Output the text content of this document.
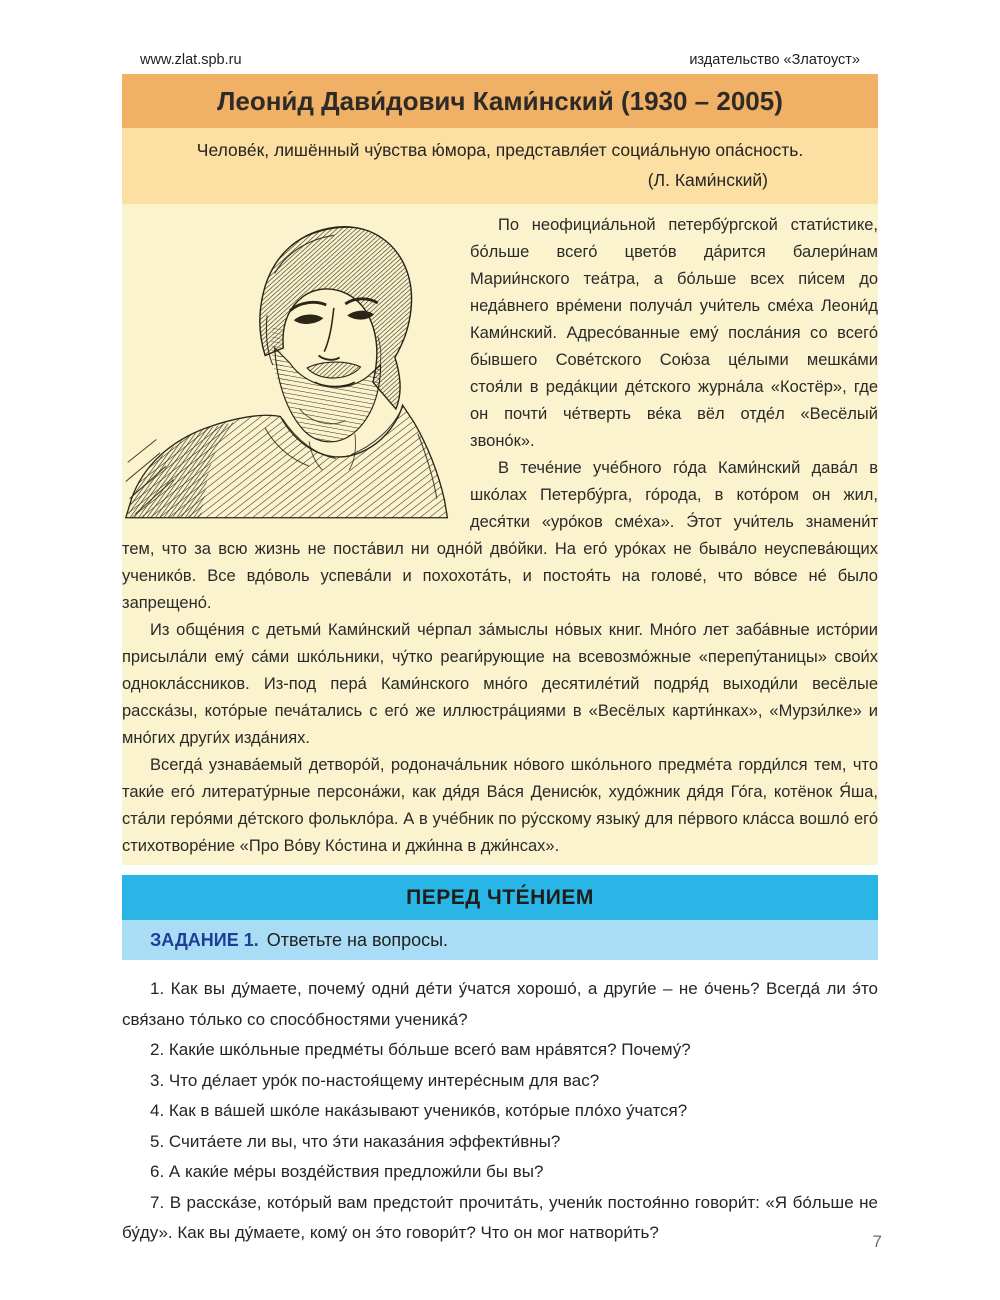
www.zlat.spb.ru	издательство «Златоуст»
Леони́д Дави́дович Ками́нский (1930 – 2005)
Челове́к, лишённый чу́вства ю́мора, представля́ет социа́льную опа́сность.
(Л. Ками́нский)

По неофициа́льной петербу́ргской стати́стике, бо́льше всего́ цвето́в да́рится балери́нам Марии́нского теа́тра, а бо́льше всех пи́сем до неда́внего вре́мени получа́л учи́тель сме́ха Леони́д Ками́нский. Адресо́ванные ему́ посла́ния со всего́ бы́вшего Сове́тского Сою́за це́лыми мешка́ми стоя́ли в реда́кции де́тского журна́ла «Костёр», где он почти́ че́тверть ве́ка вёл отде́л «Весёлый звоно́к».

В тече́ние уче́бного го́да Ками́нский дава́л в шко́лах Петербу́рга, го́рода, в кото́ром он жил, деся́тки «уро́ков сме́ха». Э́тот учи́тель знамени́т тем, что за всю жизнь не поста́вил ни одно́й дво́йки. На его́ уро́ках не быва́ло неуспева́ющих ученико́в. Все вдо́воль успева́ли и похохота́ть, и постоя́ть на голове́, что во́все не́ было запрещено́.

Из обще́ния с детьми́ Ками́нский че́рпал за́мыслы но́вых книг. Мно́го лет заба́вные исто́рии присыла́ли ему́ са́ми шко́льники, чу́тко реаги́рующие на всевозмо́жные «перепу́таницы» свои́х однокла́ссников. Из-под пера́ Ками́нского мно́го десятиле́тий подря́д выходи́ли весёлые расска́зы, кото́рые печа́тались с его́ же иллюстра́циями в «Весёлых карти́нках», «Мурзи́лке» и мно́гих други́х изда́ниях.

Всегда́ узнава́емый детворо́й, родонача́льник но́вого шко́льного предме́та горди́лся тем, что таки́е его́ литерату́рные персона́жи, как дя́дя Ва́ся Денисю́к, худо́жник дя́дя Го́га, котёнок Я́ша, ста́ли геро́ями де́тского фолькло́ра. А в уче́бник по ру́сскому языку́ для пе́рвого кла́сса вошло́ его́ стихотворе́ние «Про Во́ву Ко́стина и джи́нна в джи́нсах».

ПЕРЕД ЧТЕ́НИЕМ
ЗАДАНИЕ 1. Ответьте на вопросы.

1. Как вы ду́маете, почему́ одни́ де́ти у́чатся хорошо́, а други́е – не о́чень? Всегда́ ли э́то свя́зано то́лько со спосо́бностями ученика́?

2. Каки́е шко́льные предме́ты бо́льше всего́ вам нра́вятся? Почему́?

3. Что де́лает уро́к по-настоя́щему интере́сным для вас?

4. Как в ва́шей шко́ле нака́зывают ученико́в, кото́рые пло́хо у́чатся?

5. Счита́ете ли вы, что э́ти наказа́ния эффекти́вны?

6. А каки́е ме́ры возде́йствия предложи́ли бы вы?

7. В расска́зе, кото́рый вам предстои́т прочита́ть, учени́к постоя́нно говори́т: «Я бо́льше не бу́ду». Как вы ду́маете, кому́ он э́то говори́т? Что он мог натвори́ть?	7
